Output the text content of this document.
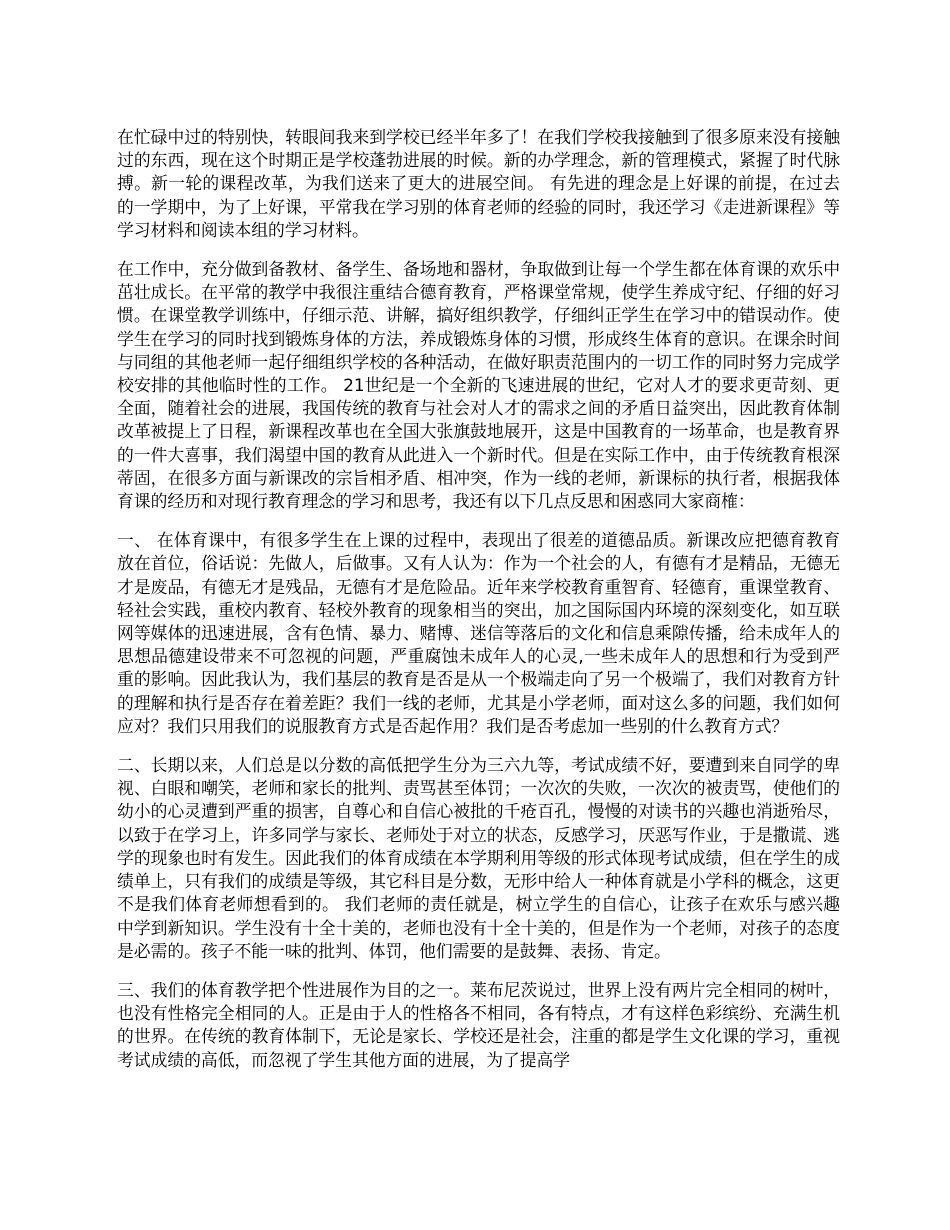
在忙碌中过的特别快，转眼间我来到学校已经半年多了！在我们学校我接触到了很多原来没有接触过的东西，现在这个时期正是学校蓬勃进展的时候。新的办学理念，新的管理模式，紧握了时代脉搏。新一轮的课程改革，为我们送来了更大的进展空间。 有先进的理念是上好课的前提，在过去的一学期中，为了上好课，平常我在学习别的体育老师的经验的同时，我还学习《走进新课程》等学习材料和阅读本组的学习材料。

在工作中，充分做到备教材、备学生、备场地和器材，争取做到让每一个学生都在体育课的欢乐中茁壮成长。在平常的教学中我很注重结合德育教育，严格课堂常规，使学生养成守纪、仔细的好习惯。在课堂教学训练中，仔细示范、讲解，搞好组织教学，仔细纠正学生在学习中的错误动作。使学生在学习的同时找到锻炼身体的方法，养成锻炼身体的习惯，形成终生体育的意识。在课余时间与同组的其他老师一起仔细组织学校的各种活动，在做好职责范围内的一切工作的同时努力完成学校安排的其他临时性的工作。 21世纪是一个全新的飞速进展的世纪，它对人才的要求更苛刻、更全面，随着社会的进展，我国传统的教育与社会对人才的需求之间的矛盾日益突出，因此教育体制改革被提上了日程，新课程改革也在全国大张旗鼓地展开，这是中国教育的一场革命，也是教育界的一件大喜事，我们渴望中国的教育从此进入一个新时代。但是在实际工作中，由于传统教育根深蒂固，在很多方面与新课改的宗旨相矛盾、相冲突，作为一线的老师，新课标的执行者，根据我体育课的经历和对现行教育理念的学习和思考，我还有以下几点反思和困惑同大家商榷：

一、 在体育课中，有很多学生在上课的过程中，表现出了很差的道德品质。新课改应把德育教育放在首位，俗话说：先做人，后做事。又有人认为：作为一个社会的人，有德有才是精品，无德无才是废品，有德无才是残品，无德有才是危险品。近年来学校教育重智育、轻德育，重课堂教育、轻社会实践，重校内教育、轻校外教育的现象相当的突出，加之国际国内环境的深刻变化，如互联网等媒体的迅速进展，含有色情、暴力、赌博、迷信等落后的文化和信息乘隙传播，给未成年人的思想品德建设带来不可忽视的问题，严重腐蚀未成年人的心灵,一些未成年人的思想和行为受到严重的影响。因此我认为，我们基层的教育是否是从一个极端走向了另一个极端了，我们对教育方针的理解和执行是否存在着差距？我们一线的老师，尤其是小学老师，面对这么多的问题，我们如何应对？我们只用我们的说服教育方式是否起作用？我们是否考虑加一些别的什么教育方式？

二、长期以来，人们总是以分数的高低把学生分为三六九等，考试成绩不好，要遭到来自同学的卑视、白眼和嘲笑，老师和家长的批判、责骂甚至体罚；一次次的失败，一次次的被责骂，使他们的幼小的心灵遭到严重的损害，自尊心和自信心被批的千疮百孔，慢慢的对读书的兴趣也消逝殆尽，以致于在学习上，许多同学与家长、老师处于对立的状态，反感学习，厌恶写作业，于是撒谎、逃学的现象也时有发生。因此我们的体育成绩在本学期利用等级的形式体现考试成绩，但在学生的成绩单上，只有我们的成绩是等级，其它科目是分数，无形中给人一种体育就是小学科的概念，这更不是我们体育老师想看到的。 我们老师的责任就是，树立学生的自信心，让孩子在欢乐与感兴趣中学到新知识。学生没有十全十美的，老师也没有十全十美的，但是作为一个老师，对孩子的态度是必需的。孩子不能一味的批判、体罚，他们需要的是鼓舞、表扬、肯定。

三、我们的体育教学把个性进展作为目的之一。莱布尼茨说过，世界上没有两片完全相同的树叶，也没有性格完全相同的人。正是由于人的性格各不相同，各有特点，才有这样色彩缤纷、充满生机的世界。在传统的教育体制下，无论是家长、学校还是社会，注重的都是学生文化课的学习，重视考试成绩的高低，而忽视了学生其他方面的进展，为了提高学
